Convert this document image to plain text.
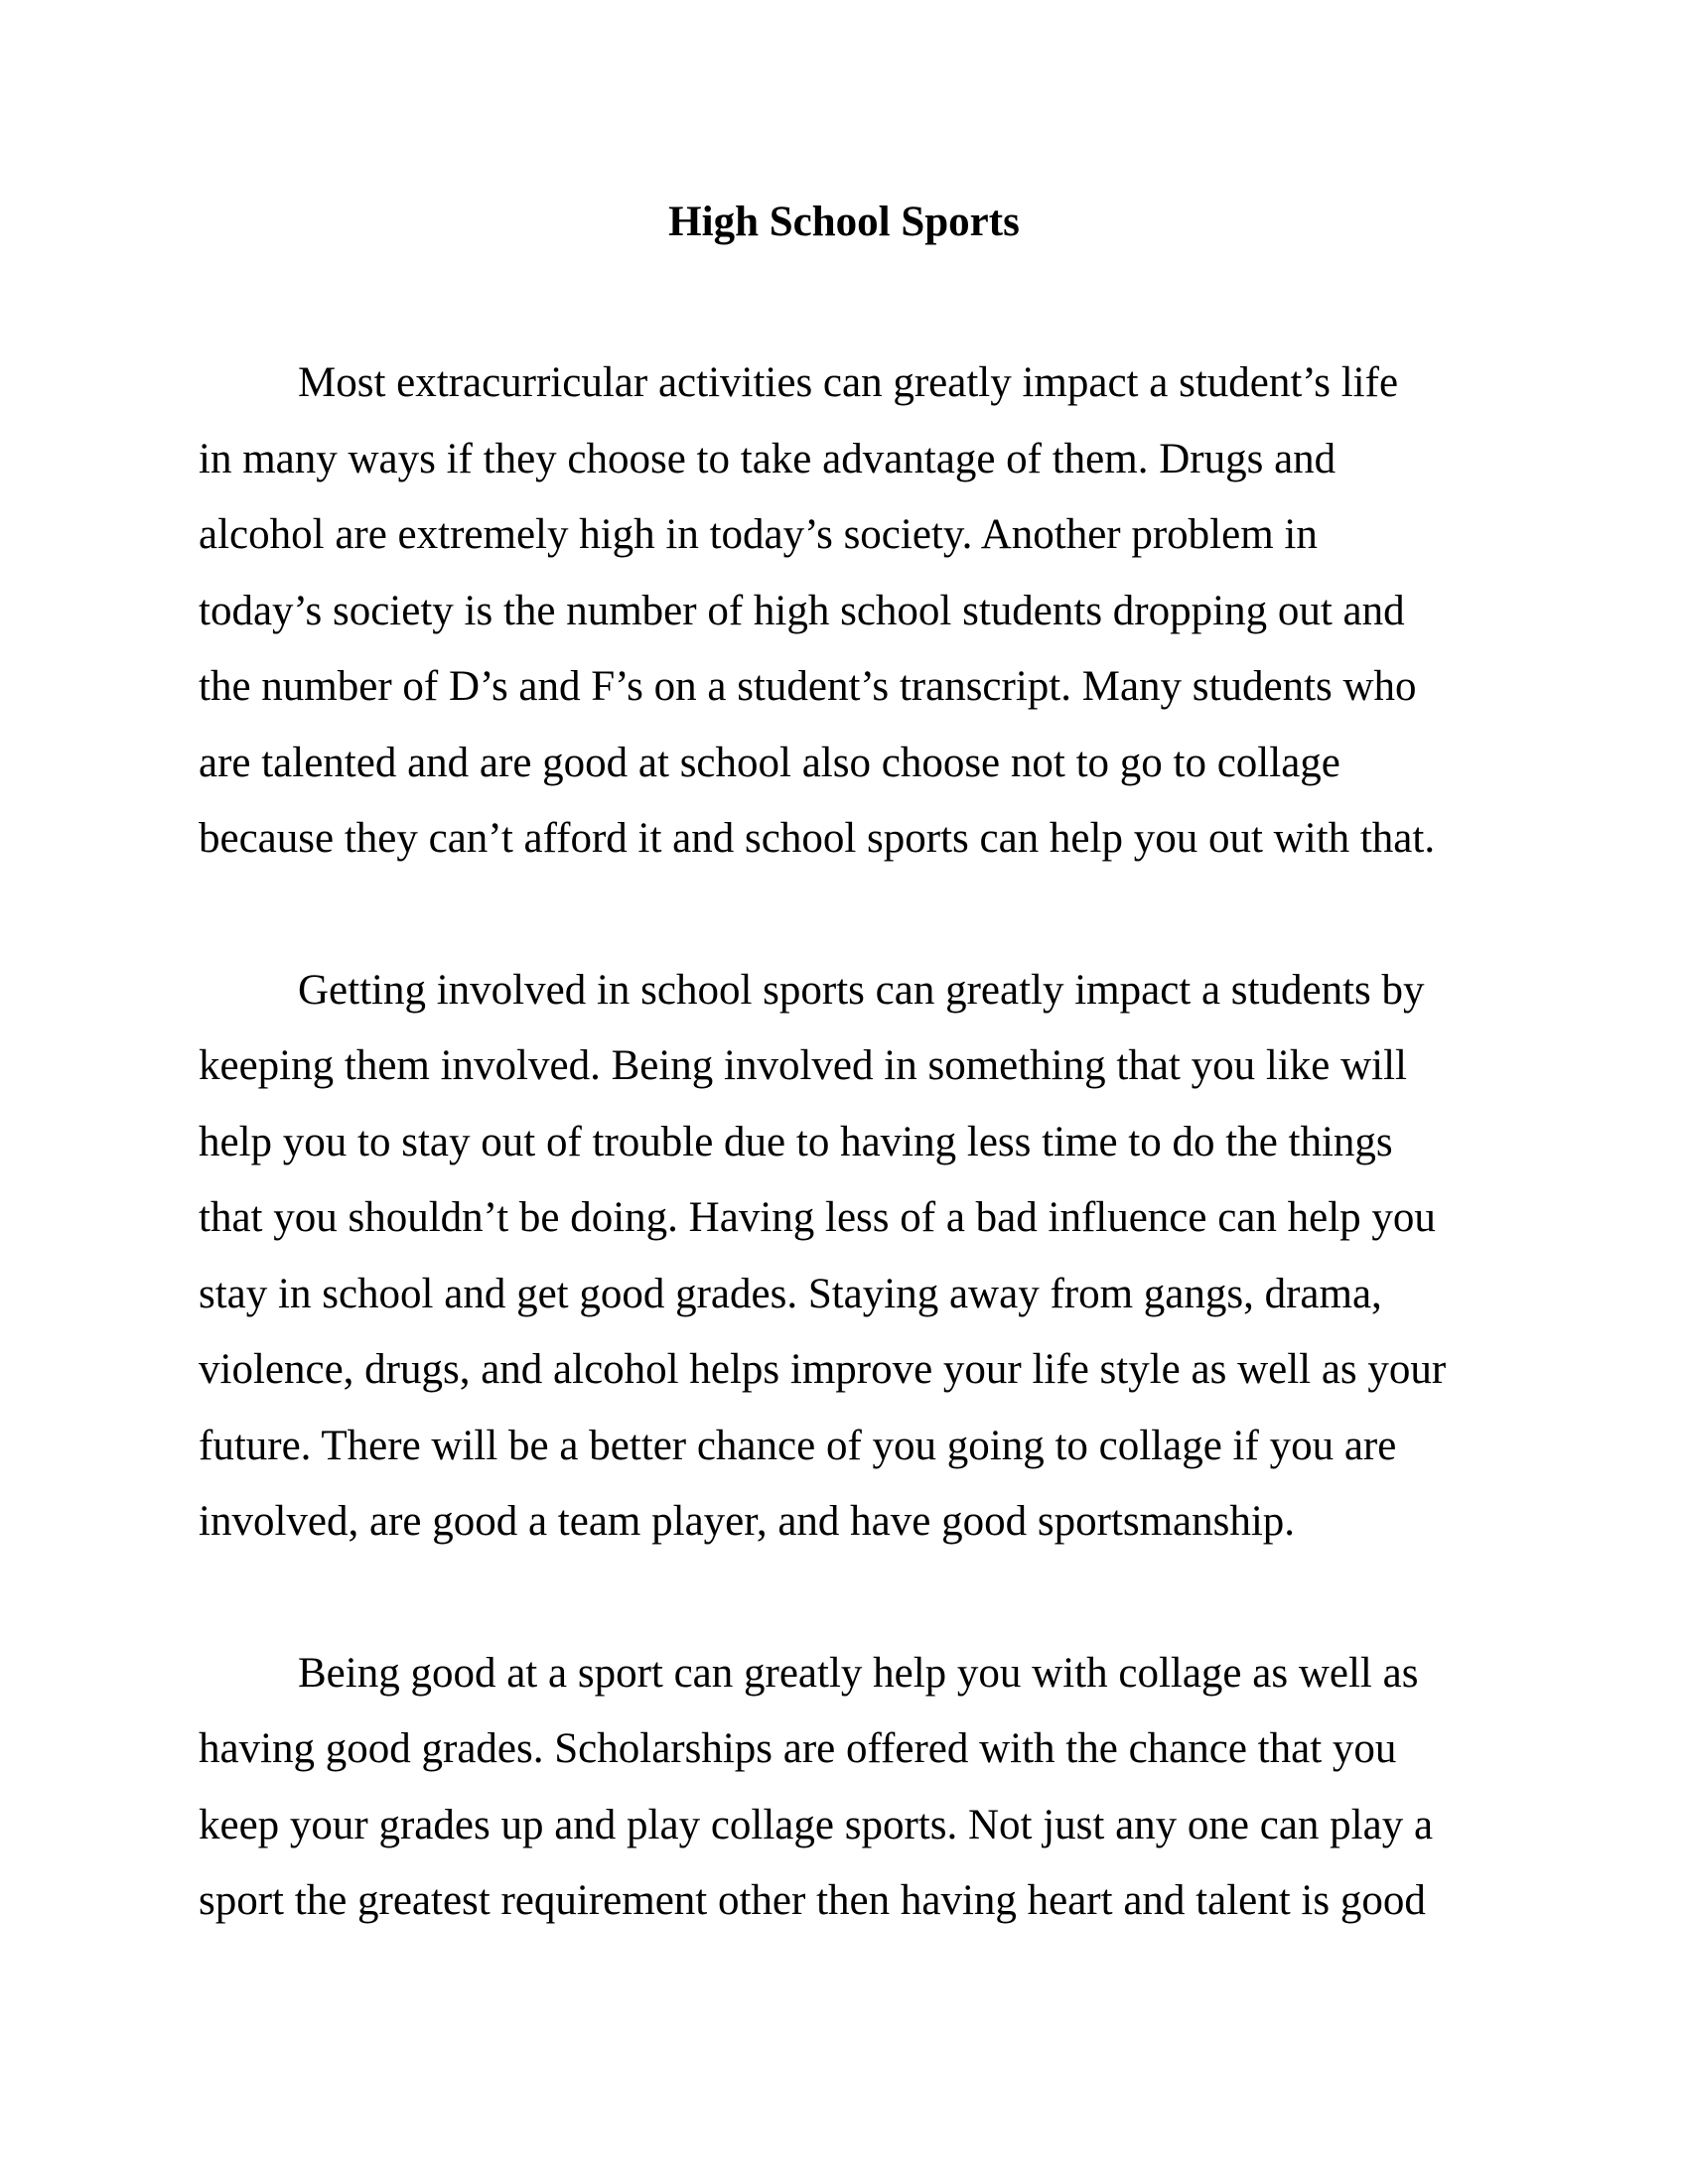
High School Sports

Most extracurricular activities can greatly impact a student’s life
in many ways if they choose to take advantage of them. Drugs and
alcohol are extremely high in today’s society. Another problem in
today’s society is the number of high school students dropping out and
the number of D’s and F’s on a student’s transcript. Many students who
are talented and are good at school also choose not to go to collage
because they can’t afford it and school sports can help you out with that.

Getting involved in school sports can greatly impact a students by
keeping them involved. Being involved in something that you like will
help you to stay out of trouble due to having less time to do the things
that you shouldn’t be doing. Having less of a bad influence can help you
stay in school and get good grades. Staying away from gangs, drama,
violence, drugs, and alcohol helps improve your life style as well as your
future. There will be a better chance of you going to collage if you are
involved, are good a team player, and have good sportsmanship.

Being good at a sport can greatly help you with collage as well as
having good grades. Scholarships are offered with the chance that you
keep your grades up and play collage sports. Not just any one can play a
sport the greatest requirement other then having heart and talent is good
